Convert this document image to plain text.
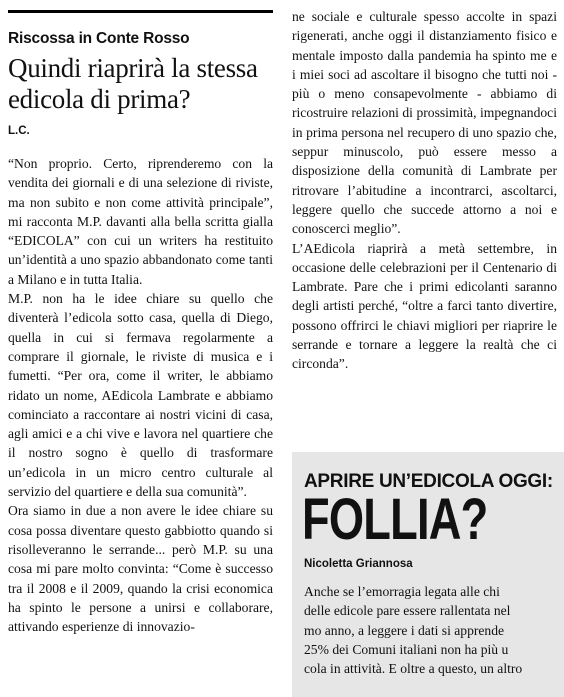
Riscossa in Conte Rosso
Quindi riaprirà la stessa edicola di prima?
L.C.

“Non proprio. Certo, riprenderemo con la vendita dei giornali e di una selezione di riviste, ma non subito e non come attività principale”, mi racconta M.P. davanti alla bella scritta gialla “EDICOLA” con cui un writers ha restituito un’identità a uno spazio abbandonato come tanti a Milano e in tutta Italia.

M.P. non ha le idee chiare su quello che diventerà l’edicola sotto casa, quella di Diego, quella in cui si fermava regolarmente a comprare il giornale, le riviste di musica e i fumetti. “Per ora, come il writer, le abbiamo ridato un nome, AEdicola Lambrate e abbiamo cominciato a raccontare ai nostri vicini di casa, agli amici e a chi vive e lavora nel quartiere che il nostro sogno è quello di trasformare un’edicola in un micro centro culturale al servizio del quartiere e della sua comunità”.

Ora siamo in due a non avere le idee chiare su cosa possa diventare questo gabbiotto quando si risolleveranno le serrande... però M.P. su una cosa mi pare molto convinta: “Come è successo tra il 2008 e il 2009, quando la crisi economica ha spinto le persone a unirsi e collaborare, attivando esperienze di innovazio-

ne sociale e culturale spesso accolte in spazi rigenerati, anche oggi il distanziamento fisico e mentale imposto dalla pandemia ha spinto me e i miei soci ad ascoltare il bisogno che tutti noi - più o meno consapevolmente - abbiamo di ricostruire relazioni di prossimità, impegnandoci in prima persona nel recupero di uno spazio che, seppur minuscolo, può essere messo a disposizione della comunità di Lambrate per ritrovare l’abitudine a incontrarci, ascoltarci, leggere quello che succede attorno a noi e conoscerci meglio”.

L’AEdicola riaprirà a metà settembre, in occasione delle celebrazioni per il Centenario di Lambrate. Pare che i primi edicolanti saranno degli artisti perché, “oltre a farci tanto divertire, possono offrirci le chiavi migliori per riaprire le serrande e tornare a leggere la realtà che ci circonda”.

APRIRE UN’EDICOLA OGGI:
FOLLIA?
Nicoletta Griannosa

Anche se l’emorragia legata alle chi

delle edicole pare essere rallentata nel

mo anno, a leggere i dati si apprende

25% dei Comuni italiani non ha più u

cola in attività. E oltre a questo, un altro
